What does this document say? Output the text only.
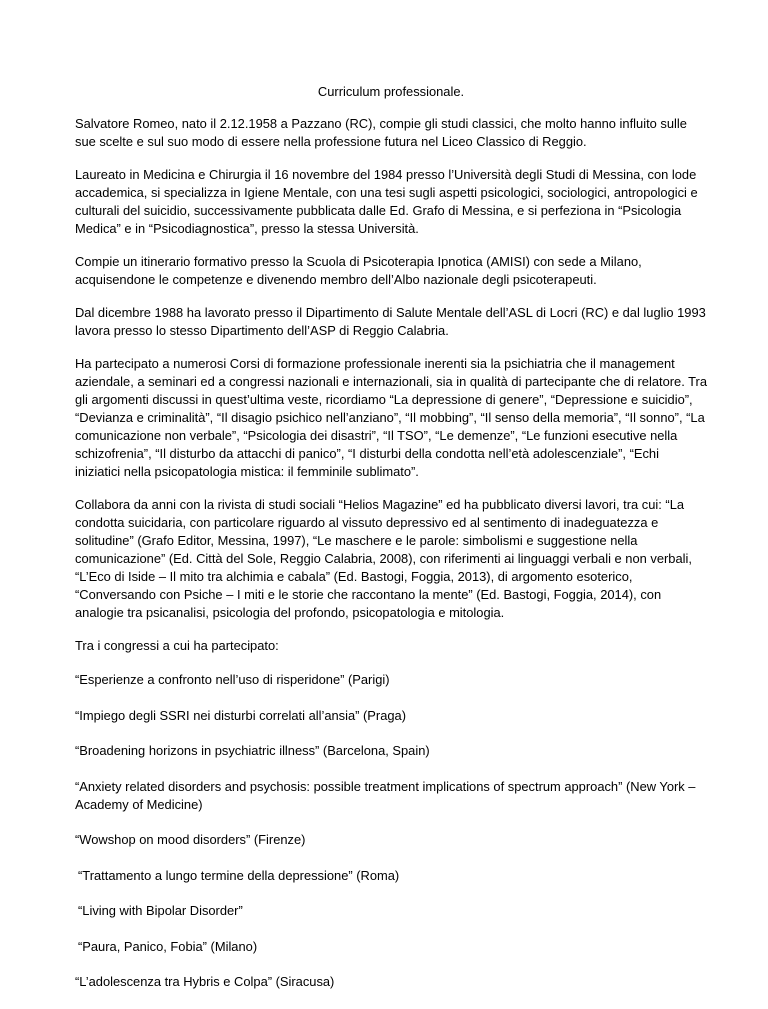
Curriculum professionale.

Salvatore Romeo, nato il 2.12.1958 a Pazzano (RC), compie gli studi classici, che molto hanno influito sulle sue scelte e sul suo modo di essere nella professione futura nel Liceo Classico di Reggio.

Laureato in Medicina e Chirurgia il 16 novembre del 1984 presso l’Università degli Studi di Messina, con lode accademica, si specializza in Igiene Mentale, con una tesi sugli aspetti psicologici, sociologici, antropologici e culturali del suicidio, successivamente pubblicata dalle Ed. Grafo di Messina, e si perfeziona in “Psicologia Medica” e in “Psicodiagnostica”, presso la stessa Università.

Compie un itinerario formativo presso la Scuola di Psicoterapia Ipnotica (AMISI) con sede a Milano, acquisendone le competenze e divenendo membro dell’Albo nazionale degli psicoterapeuti.

Dal dicembre 1988 ha lavorato presso il Dipartimento di Salute Mentale dell’ASL di Locri (RC) e dal luglio 1993 lavora presso lo stesso Dipartimento dell’ASP di Reggio Calabria.

Ha partecipato a numerosi Corsi di formazione professionale inerenti sia la psichiatria che il management aziendale, a seminari ed a congressi nazionali e internazionali, sia in qualità di partecipante che di relatore. Tra gli argomenti discussi in quest’ultima veste, ricordiamo “La depressione di genere”, “Depressione e suicidio”, “Devianza e criminalità”, “Il disagio psichico nell’anziano”, “Il mobbing”, “Il senso della memoria”, “Il sonno”, “La comunicazione non verbale”, “Psicologia dei disastri”, “Il TSO”, “Le demenze”, “Le funzioni esecutive nella schizofrenia”, “Il disturbo da attacchi di panico”, “I disturbi della condotta nell’età adolescenziale”, “Echi iniziatici nella psicopatologia mistica: il femminile sublimato”.

Collabora da anni con la rivista di studi sociali “Helios Magazine” ed ha pubblicato diversi lavori, tra cui: “La condotta suicidaria, con particolare riguardo al vissuto depressivo ed al sentimento di inadeguatezza e solitudine” (Grafo Editor, Messina, 1997), “Le maschere e le parole: simbolismi e suggestione nella comunicazione” (Ed. Città del Sole, Reggio Calabria, 2008), con riferimenti ai linguaggi verbali e non verbali, “L’Eco di Iside – Il mito tra alchimia e cabala” (Ed. Bastogi, Foggia, 2013), di argomento esoterico, “Conversando con Psiche – I miti e le storie che raccontano la mente” (Ed. Bastogi, Foggia, 2014), con analogie tra psicanalisi, psicologia del profondo, psicopatologia e mitologia.

Tra i congressi a cui ha partecipato:

“Esperienze a confronto nell’uso di risperidone” (Parigi)
“Impiego degli SSRI nei disturbi correlati all’ansia” (Praga)
“Broadening horizons in psychiatric illness” (Barcelona, Spain)
“Anxiety related disorders and psychosis: possible treatment implications of spectrum approach” (New York – Academy of Medicine)
“Wowshop on mood disorders” (Firenze)
“Trattamento a lungo termine della depressione” (Roma)
“Living with Bipolar Disorder”
“Paura, Panico, Fobia” (Milano)
“L’adolescenza tra Hybris e Colpa” (Siracusa)
